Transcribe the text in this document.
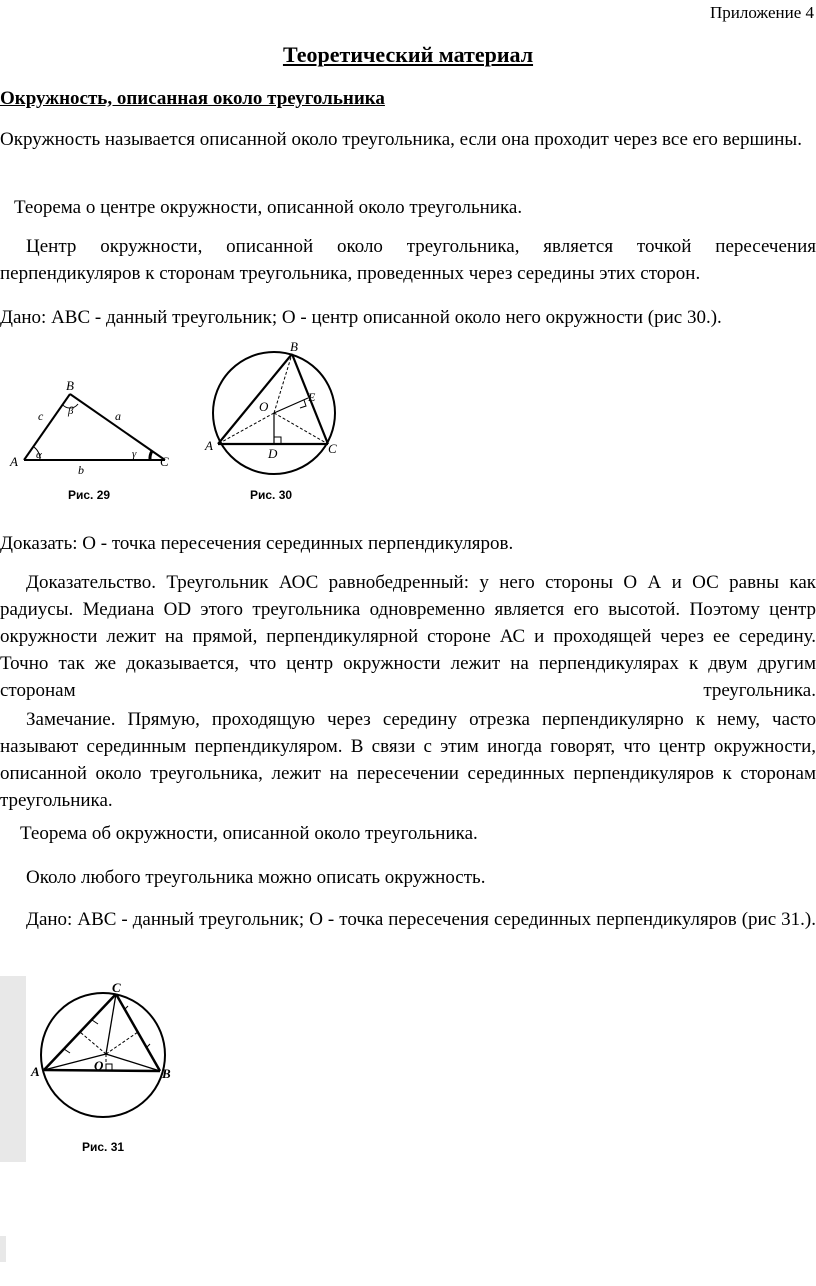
Приложение 4
Теоретический материал
Окружность, описанная около треугольника
Окружность называется описанной около треугольника, если она проходит через все его вершины.
Теорема о центре окружности, описанной около треугольника.
Центр окружности, описанной около треугольника, является точкой пересечения перпендикуляров к сторонам треугольника, проведенных через середины этих сторон.
Дано: АВС - данный треугольник; О - центр описанной около него окружности (рис 30.).
B
A	C
c	a
b
α
β
γ
Рис. 29
B
A	C
O
D
E
Рис. 30
Доказать: О - точка пересечения серединных перпендикуляров.
Доказательство. Треугольник АОС равнобедренный: у него стороны О А и ОС равны как радиусы. Медиана OD этого треугольника одновременно является его высотой. Поэтому центр окружности лежит на прямой, перпендикулярной стороне АС и проходящей через ее середину. Точно так же доказывается, что центр окружности лежит на перпендикулярах к двум другим сторонам треугольника.
Замечание. Прямую, проходящую через середину отрезка перпендикулярно к нему, часто называют серединным перпендикуляром. В связи с этим иногда говорят, что центр окружности, описанной около треугольника, лежит на пересечении серединных перпендикуляров к сторонам треугольника.
Теорема об окружности, описанной около треугольника.
Около любого треугольника можно описать окружность.
Дано: АВС - данный треугольник; О - точка пересечения серединных перпендикуляров (рис 31.).
C
A	B
O
Рис. 31
